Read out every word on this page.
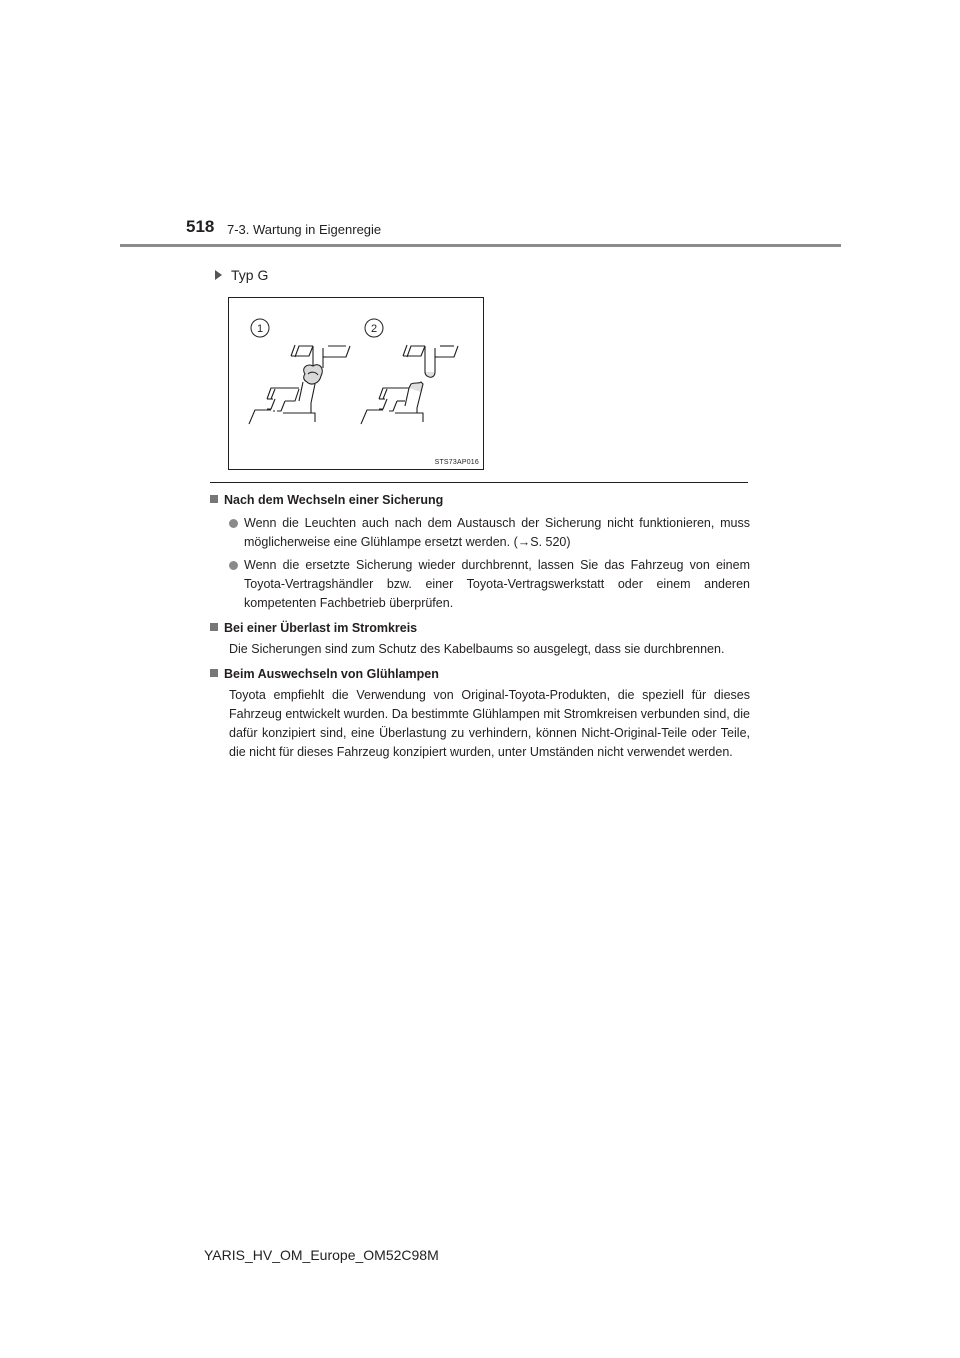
518 7-3. Wartung in Eigenregie
Typ G
1	2
STS73AP016
Nach dem Wechseln einer Sicherung
Wenn die Leuchten auch nach dem Austausch der Sicherung nicht funktionieren, muss möglicherweise eine Glühlampe ersetzt werden. (→S. 520)
Wenn die ersetzte Sicherung wieder durchbrennt, lassen Sie das Fahrzeug von einem Toyota-Vertragshändler bzw. einer Toyota-Vertragswerkstatt oder einem anderen kompetenten Fachbetrieb überprüfen.
Bei einer Überlast im Stromkreis
Die Sicherungen sind zum Schutz des Kabelbaums so ausgelegt, dass sie durchbrennen.
Beim Auswechseln von Glühlampen
Toyota empfiehlt die Verwendung von Original-Toyota-Produkten, die speziell für dieses Fahrzeug entwickelt wurden. Da bestimmte Glühlampen mit Stromkreisen verbunden sind, die dafür konzipiert sind, eine Überlastung zu verhindern, können Nicht-Original-Teile oder Teile, die nicht für dieses Fahrzeug konzipiert wurden, unter Umständen nicht verwendet werden.
YARIS_HV_OM_Europe_OM52C98M
